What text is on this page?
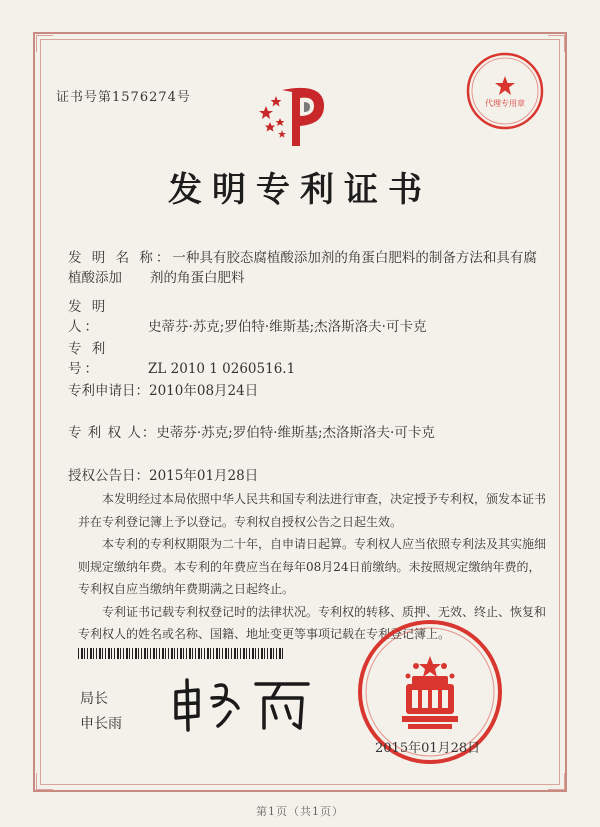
证书号第1576274号	代理专用章
发明专利证书
发 明 名 称：一种具有胶态腐植酸添加剂的角蛋白肥料的制备方法和具有腐植酸添加	剂的角蛋白肥料
发 明 人：	史蒂芬·苏克;罗伯特·维斯基;杰洛斯洛夫·可卡克
专 利 号：	ZL 2010 1 0260516.1
专利申请日：2010年08月24日
专 利 权 人：史蒂芬·苏克;罗伯特·维斯基;杰洛斯洛夫·可卡克
授权公告日：2015年01月28日

本发明经过本局依照中华人民共和国专利法进行审查，决定授予专利权，颁发本证书并在专利登记簿上予以登记。专利权自授权公告之日起生效。

本专利的专利权期限为二十年，自申请日起算。专利权人应当依照专利法及其实施细则规定缴纳年费。本专利的年费应当在每年08月24日前缴纳。未按照规定缴纳年费的，专利权自应当缴纳年费期满之日起终止。

专利证书记载专利权登记时的法律状况。专利权的转移、质押、无效、终止、恢复和专利权人的姓名或名称、国籍、地址变更等事项记载在专利登记簿上。

局长
申长雨
2015年01月28日
第1页（共1页）
